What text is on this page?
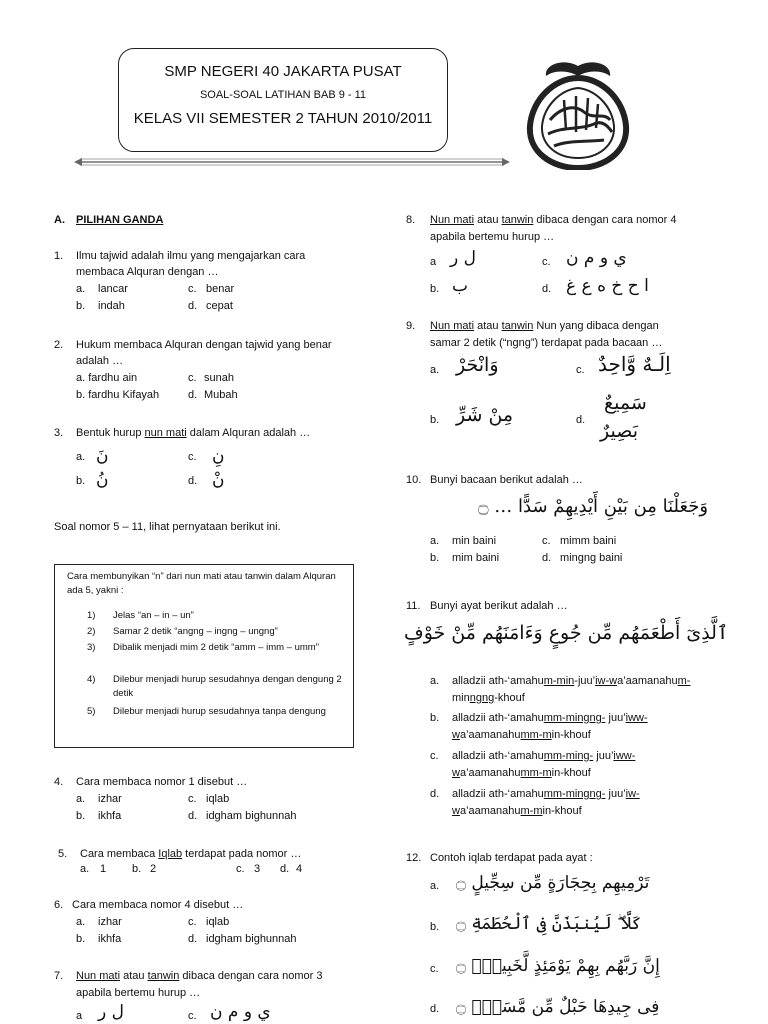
SMP NEGERI 40 JAKARTA PUSAT
SOAL-SOAL LATIHAN BAB 9 - 11
KELAS VII SEMESTER 2 TAHUN 2010/2011
A. PILIHAN GANDA
1. Ilmu tajwid adalah ilmu yang mengajarkan cara membaca Alquran dengan …
a. lancar
b. indah
c. benar
d. cepat
2. Hukum membaca Alquran dengan tajwid yang benar adalah …
a. fardhu ain
b. fardhu Kifayah
c. sunah
d. Mubah
3. Bentuk hurup nun mati dalam Alquran adalah …
a. نَ
b. نُ
c. نِ
d. نْ
Soal nomor 5 – 11, lihat pernyataan berikut ini.
Cara membunyikan “n” dari nun mati atau tanwin dalam Alquran ada 5, yakni :
1) Jelas “an – in – un”
2) Samar 2 detik “angng – ingng – ungng”
3) Dibalik menjadi mim 2 detik “amm – imm – umm”
4) Dilebur menjadi hurup sesudahnya dengan dengung 2 detik
5) Dilebur menjadi hurup sesudahnya tanpa dengung
4. Cara membaca nomor 1 disebut …
a. izhar
b. ikhfa
c. iqlab
d. idgham bighunnah
5. Cara membaca Iqlab terdapat pada nomor …
a. 1 b. 2	c. 3 d. 4
6. Cara membaca nomor 4 disebut …
a. izhar
b. ikhfa
c. iqlab
d. idgham bighunnah
7. Nun mati atau tanwin dibaca dengan cara nomor 3
apabila bertemu hurup …
a ل ر	c. ي و م ن
8. Nun mati atau tanwin dibaca dengan cara nomor 4
apabila bertemu hurup …
a ل ر
b. ب
c. ي و م ن
d. ا ح خ ه ع غ
9. Nun mati atau tanwin Nun yang dibaca dengan
samar 2 detik (“ngng”) terdapat pada bacaan …
a. وَانْحَرْ
b. مِنْ شَرِّ
c. اِلَـهٌ وَّاحِدٌ
d.
سَمِيعٌ
بَصِيرٌ
10. Bunyi bacaan berikut adalah …
وَجَعَلْنَا مِن بَيْنِ أَيْدِيهِمْ سَدًّا … ۝
a. min baini
b. mim baini
c. mimm baini
d. mingng baini
11. Bunyi ayat berikut adalah …
ٱلَّذِىٓ أَطْعَمَهُم مِّن جُوعٍ وَءَامَنَهُم مِّنْ خَوْفٍ
a. alladzii ath-‘amahum-min-juu’iw-wa’aamanahum-
minngng-khouf
b. alladzii ath-‘amahumm-mingng- juu’iww-
wa’aamanahumm-min-khouf
c. alladzii ath-‘amahumm-ming- juu’iww-
wa’aamanahumm-min-khouf
d. alladzii ath-‘amahumm-mingng- juu’iw-
wa’aamanahum-min-khouf
12. Contoh iqlab terdapat pada ayat :
a. تَرْمِيهِم بِحِجَارَةٍ مِّن سِجِّيلٍ ۝
b. كَلَّا ۖ لَيُنبَذَنَّ فِى ٱلْحُطَمَةِ ۝
c. إِنَّ رَبَّهُم بِهِمْ يَوْمَئِذٍ لَّخَبِيرٌۢ ۝
d. فِى جِيدِهَا حَبْلٌ مِّن مَّسَدٍۭ ۝
